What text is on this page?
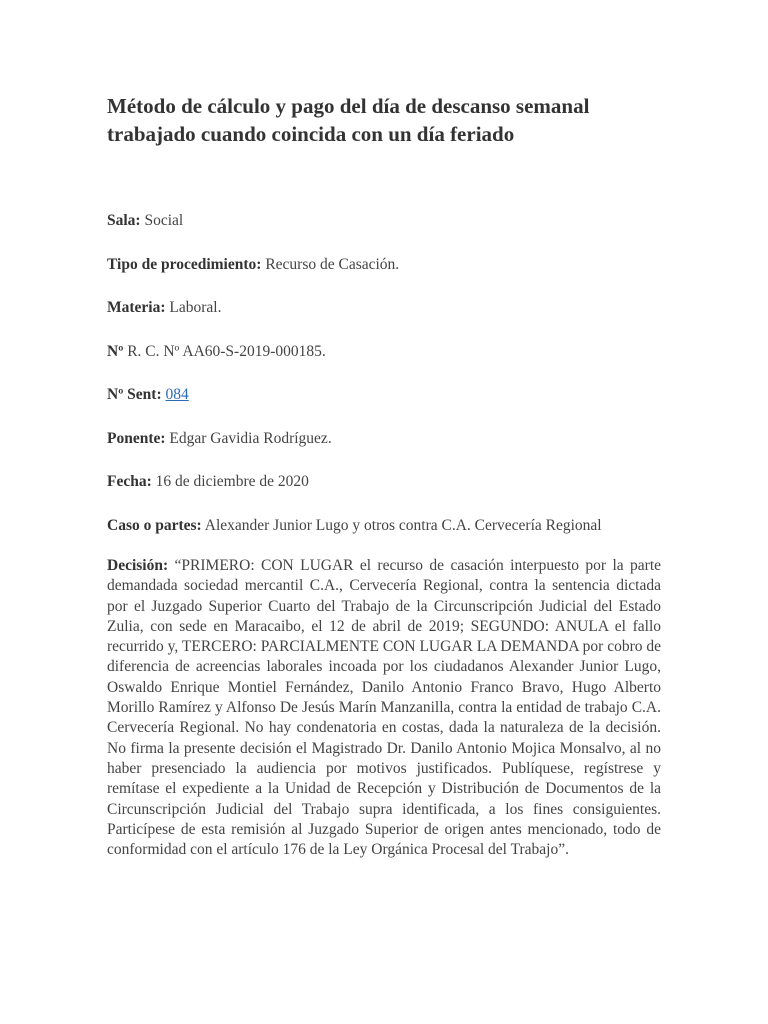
Método de cálculo y pago del día de descanso semanal trabajado cuando coincida con un día feriado

Sala: Social

Tipo de procedimiento: Recurso de Casación.

Materia: Laboral.

Nº R. C. Nº AA60-S-2019-000185.

Nº Sent: 084

Ponente: Edgar Gavidia Rodríguez.

Fecha: 16 de diciembre de 2020

Caso o partes: Alexander Junior Lugo y otros contra C.A. Cervecería Regional

Decisión: “PRIMERO: CON LUGAR el recurso de casación interpuesto por la parte demandada sociedad mercantil C.A., Cervecería Regional, contra la sentencia dictada por el Juzgado Superior Cuarto del Trabajo de la Circunscripción Judicial del Estado Zulia, con sede en Maracaibo, el 12 de abril de 2019; SEGUNDO: ANULA el fallo recurrido y, TERCERO: PARCIALMENTE CON LUGAR LA DEMANDA por cobro de diferencia de acreencias laborales incoada por los ciudadanos Alexander Junior Lugo, Oswaldo Enrique Montiel Fernández, Danilo Antonio Franco Bravo, Hugo Alberto Morillo Ramírez y Alfonso De Jesús Marín Manzanilla, contra la entidad de trabajo C.A. Cervecería Regional. No hay condenatoria en costas, dada la naturaleza de la decisión. No firma la presente decisión el Magistrado Dr. Danilo Antonio Mojica Monsalvo, al no haber presenciado la audiencia por motivos justificados. Publíquese, regístrese y remítase el expediente a la Unidad de Recepción y Distribución de Documentos de la Circunscripción Judicial del Trabajo supra identificada, a los fines consiguientes. Particípese de esta remisión al Juzgado Superior de origen antes mencionado, todo de conformidad con el artículo 176 de la Ley Orgánica Procesal del Trabajo”.
